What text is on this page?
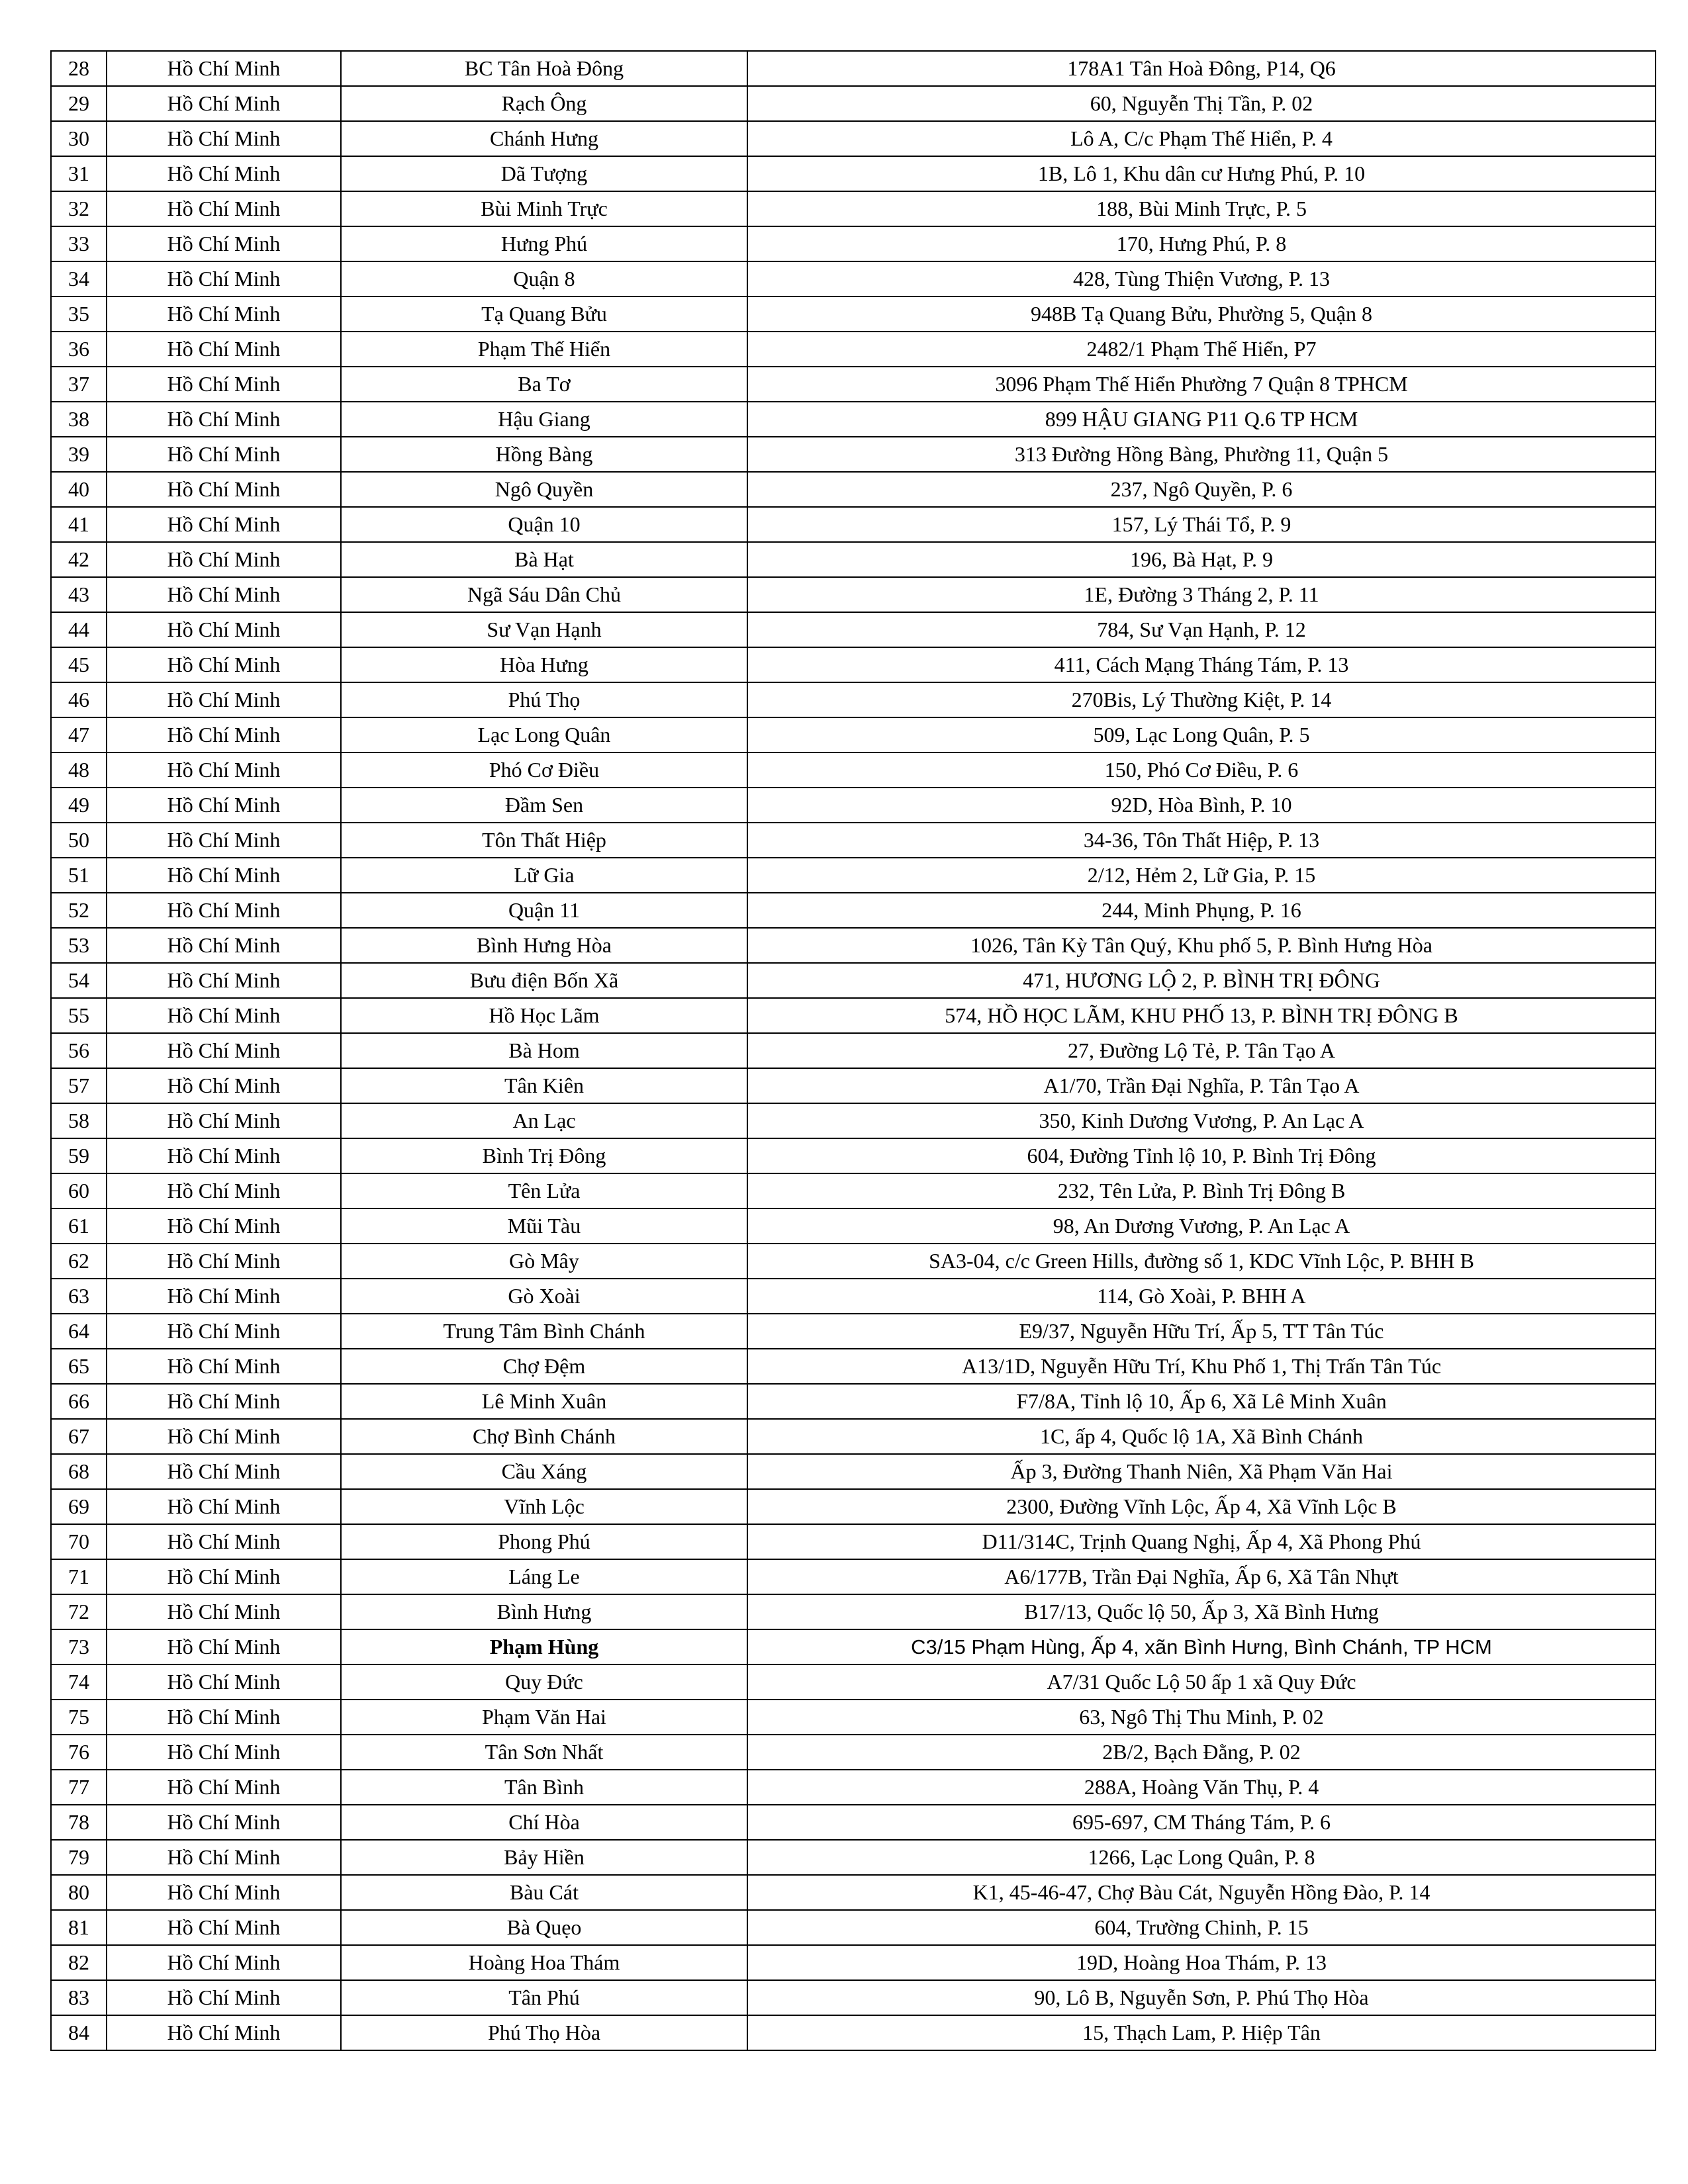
28	Hồ Chí Minh	BC Tân Hoà Đông	178A1 Tân Hoà Đông, P14, Q6
29	Hồ Chí Minh	Rạch Ông	60, Nguyễn Thị Tần, P. 02
30	Hồ Chí Minh	Chánh Hưng	Lô A, C/c Phạm Thế Hiển, P. 4
31	Hồ Chí Minh	Dã Tượng	1B, Lô 1, Khu dân cư Hưng Phú, P. 10
32	Hồ Chí Minh	Bùi Minh Trực	188, Bùi Minh Trực, P. 5
33	Hồ Chí Minh	Hưng Phú	170, Hưng Phú, P. 8
34	Hồ Chí Minh	Quận 8	428, Tùng Thiện Vương, P. 13
35	Hồ Chí Minh	Tạ Quang Bửu	948B Tạ Quang Bửu, Phường 5, Quận 8
36	Hồ Chí Minh	Phạm Thế Hiển	2482/1 Phạm Thế Hiển, P7
37	Hồ Chí Minh	Ba Tơ	3096 Phạm Thế Hiển Phường 7 Quận 8 TPHCM
38	Hồ Chí Minh	Hậu Giang	899 HẬU GIANG P11 Q.6 TP HCM
39	Hồ Chí Minh	Hồng Bàng	313 Đường Hồng Bàng, Phường 11, Quận 5
40	Hồ Chí Minh	Ngô Quyền	237, Ngô Quyền, P. 6
41	Hồ Chí Minh	Quận 10	157, Lý Thái Tổ, P. 9
42	Hồ Chí Minh	Bà Hạt	196, Bà Hạt, P. 9
43	Hồ Chí Minh	Ngã Sáu Dân Chủ	1E, Đường 3 Tháng 2, P. 11
44	Hồ Chí Minh	Sư Vạn Hạnh	784, Sư Vạn Hạnh, P. 12
45	Hồ Chí Minh	Hòa Hưng	411, Cách Mạng Tháng Tám, P. 13
46	Hồ Chí Minh	Phú Thọ	270Bis, Lý Thường Kiệt, P. 14
47	Hồ Chí Minh	Lạc Long Quân	509, Lạc Long Quân, P. 5
48	Hồ Chí Minh	Phó Cơ Điều	150, Phó Cơ Điều, P. 6
49	Hồ Chí Minh	Đầm Sen	92D, Hòa Bình, P. 10
50	Hồ Chí Minh	Tôn Thất Hiệp	34-36, Tôn Thất Hiệp, P. 13
51	Hồ Chí Minh	Lữ Gia	2/12, Hẻm 2, Lữ Gia, P. 15
52	Hồ Chí Minh	Quận 11	244, Minh Phụng, P. 16
53	Hồ Chí Minh	Bình Hưng Hòa	1026, Tân Kỳ Tân Quý, Khu phố 5, P. Bình Hưng Hòa
54	Hồ Chí Minh	Bưu điện Bốn Xã	471, HƯƠNG LỘ 2, P. BÌNH TRỊ ĐÔNG
55	Hồ Chí Minh	Hồ Học Lãm	574, HỒ HỌC LÃM, KHU PHỐ 13, P. BÌNH TRỊ ĐÔNG B
56	Hồ Chí Minh	Bà Hom	27, Đường Lộ Tẻ, P. Tân Tạo A
57	Hồ Chí Minh	Tân Kiên	A1/70, Trần Đại Nghĩa, P. Tân Tạo A
58	Hồ Chí Minh	An Lạc	350, Kinh Dương Vương, P. An Lạc A
59	Hồ Chí Minh	Bình Trị Đông	604, Đường Tỉnh lộ 10, P. Bình Trị Đông
60	Hồ Chí Minh	Tên Lửa	232, Tên Lửa, P. Bình Trị Đông B
61	Hồ Chí Minh	Mũi Tàu	98, An Dương Vương, P. An Lạc A
62	Hồ Chí Minh	Gò Mây	SA3-04, c/c Green Hills, đường số 1, KDC Vĩnh Lộc, P. BHH B
63	Hồ Chí Minh	Gò Xoài	114, Gò Xoài, P. BHH A
64	Hồ Chí Minh	Trung Tâm Bình Chánh	E9/37, Nguyễn Hữu Trí, Ấp 5, TT Tân Túc
65	Hồ Chí Minh	Chợ Đệm	A13/1D, Nguyễn Hữu Trí, Khu Phố 1, Thị Trấn Tân Túc
66	Hồ Chí Minh	Lê Minh Xuân	F7/8A, Tỉnh lộ 10, Ấp 6, Xã Lê Minh Xuân
67	Hồ Chí Minh	Chợ Bình Chánh	1C, ấp 4, Quốc lộ 1A, Xã Bình Chánh
68	Hồ Chí Minh	Cầu Xáng	Ấp 3, Đường Thanh Niên, Xã Phạm Văn Hai
69	Hồ Chí Minh	Vĩnh Lộc	2300, Đường Vĩnh Lộc, Ấp 4, Xã Vĩnh Lộc B
70	Hồ Chí Minh	Phong Phú	D11/314C, Trịnh Quang Nghị, Ấp 4, Xã Phong Phú
71	Hồ Chí Minh	Láng Le	A6/177B, Trần Đại Nghĩa, Ấp 6, Xã Tân Nhựt
72	Hồ Chí Minh	Bình Hưng	B17/13, Quốc lộ 50, Ấp 3, Xã Bình Hưng
73	Hồ Chí Minh	Phạm Hùng	C3/15 Phạm Hùng, Ấp 4, xãn Bình Hưng, Bình Chánh, TP HCM
74	Hồ Chí Minh	Quy Đức	A7/31 Quốc Lộ 50 ấp 1 xã Quy Đức
75	Hồ Chí Minh	Phạm Văn Hai	63, Ngô Thị Thu Minh, P. 02
76	Hồ Chí Minh	Tân Sơn Nhất	2B/2, Bạch Đằng, P. 02
77	Hồ Chí Minh	Tân Bình	288A, Hoàng Văn Thụ, P. 4
78	Hồ Chí Minh	Chí Hòa	695-697, CM Tháng Tám, P. 6
79	Hồ Chí Minh	Bảy Hiền	1266, Lạc Long Quân, P. 8
80	Hồ Chí Minh	Bàu Cát	K1, 45-46-47, Chợ Bàu Cát, Nguyễn Hồng Đào, P. 14
81	Hồ Chí Minh	Bà Quẹo	604, Trường Chinh, P. 15
82	Hồ Chí Minh	Hoàng Hoa Thám	19D, Hoàng Hoa Thám, P. 13
83	Hồ Chí Minh	Tân Phú	90, Lô B, Nguyễn Sơn, P. Phú Thọ Hòa
84	Hồ Chí Minh	Phú Thọ Hòa	15, Thạch Lam, P. Hiệp Tân
